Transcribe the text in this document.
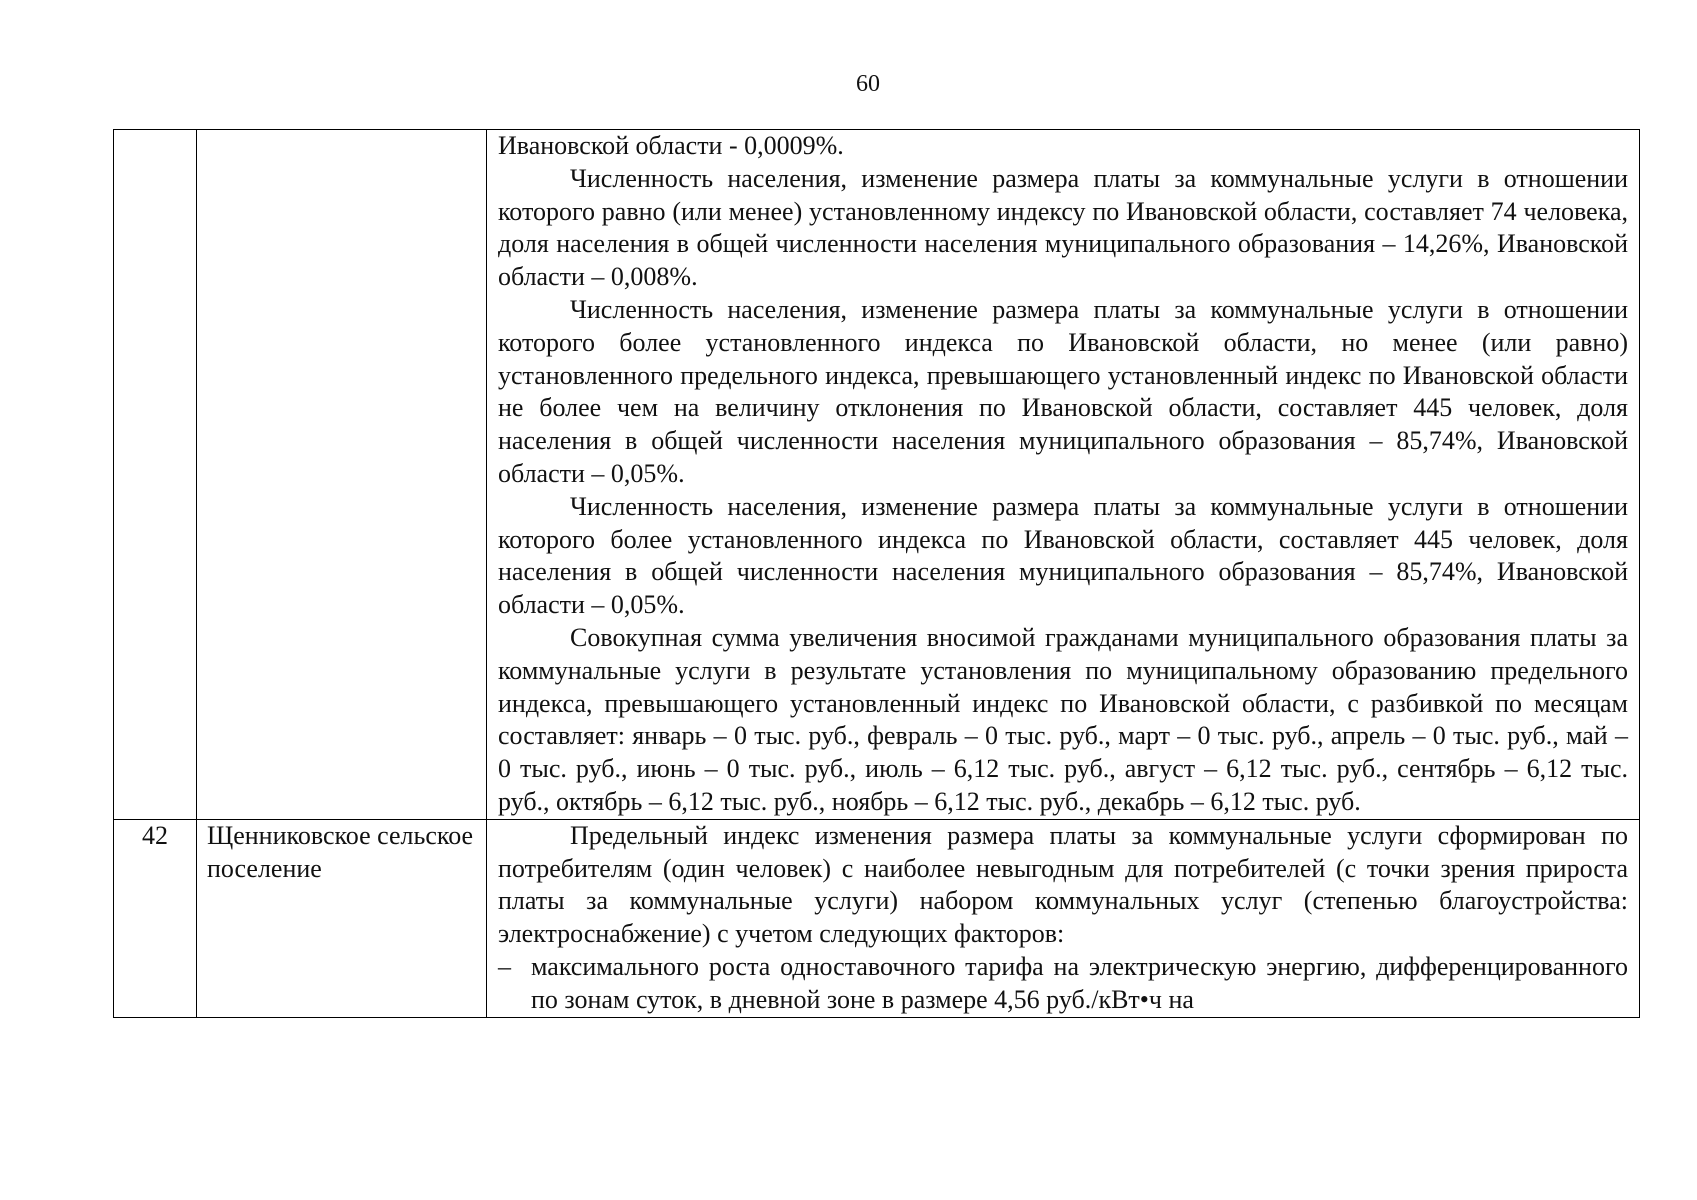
60

		Ивановской области - 0,0009%.

Численность населения, изменение размера платы за коммунальные услуги в отношении которого равно (или менее) установленному индексу по Ивановской области, составляет 74 человека, доля населения в общей численности населения муниципального образования – 14,26%, Ивановской области – 0,008%.

Численность населения, изменение размера платы за коммунальные услуги в отношении которого более установленного индекса по Ивановской области, но менее (или равно) установленного предельного индекса, превышающего установленный индекс по Ивановской области не более чем на величину отклонения по Ивановской области, составляет 445 человек, доля населения в общей численности населения муниципального образования – 85,74%, Ивановской области – 0,05%.

Численность населения, изменение размера платы за коммунальные услуги в отношении которого более установленного индекса по Ивановской области, составляет 445 человек, доля населения в общей численности населения муниципального образования – 85,74%, Ивановской области – 0,05%.

Совокупная сумма увеличения вносимой гражданами муниципального образования платы за коммунальные услуги в результате установления по муниципальному образованию предельного индекса, превышающего установленный индекс по Ивановской области, с разбивкой по месяцам составляет: январь – 0 тыс. руб., февраль – 0 тыс. руб., март – 0 тыс. руб., апрель – 0 тыс. руб., май – 0 тыс. руб., июнь – 0 тыс. руб., июль – 6,12 тыс. руб., август – 6,12 тыс. руб., сентябрь – 6,12 тыс. руб., октябрь – 6,12 тыс. руб., ноябрь – 6,12 тыс. руб., декабрь – 6,12 тыс. руб.

42	Щенниковское сельское поселение	Предельный индекс изменения размера платы за коммунальные услуги сформирован по потребителям (один человек) с наиболее невыгодным для потребителей (с точки зрения прироста платы за коммунальные услуги) набором коммунальных услуг (степенью благоустройства: электроснабжение) с учетом следующих факторов:

– максимального роста одноставочного тарифа на электрическую энергию, дифференцированного по зонам суток, в дневной зоне в размере 4,56 руб./кВт•ч на
